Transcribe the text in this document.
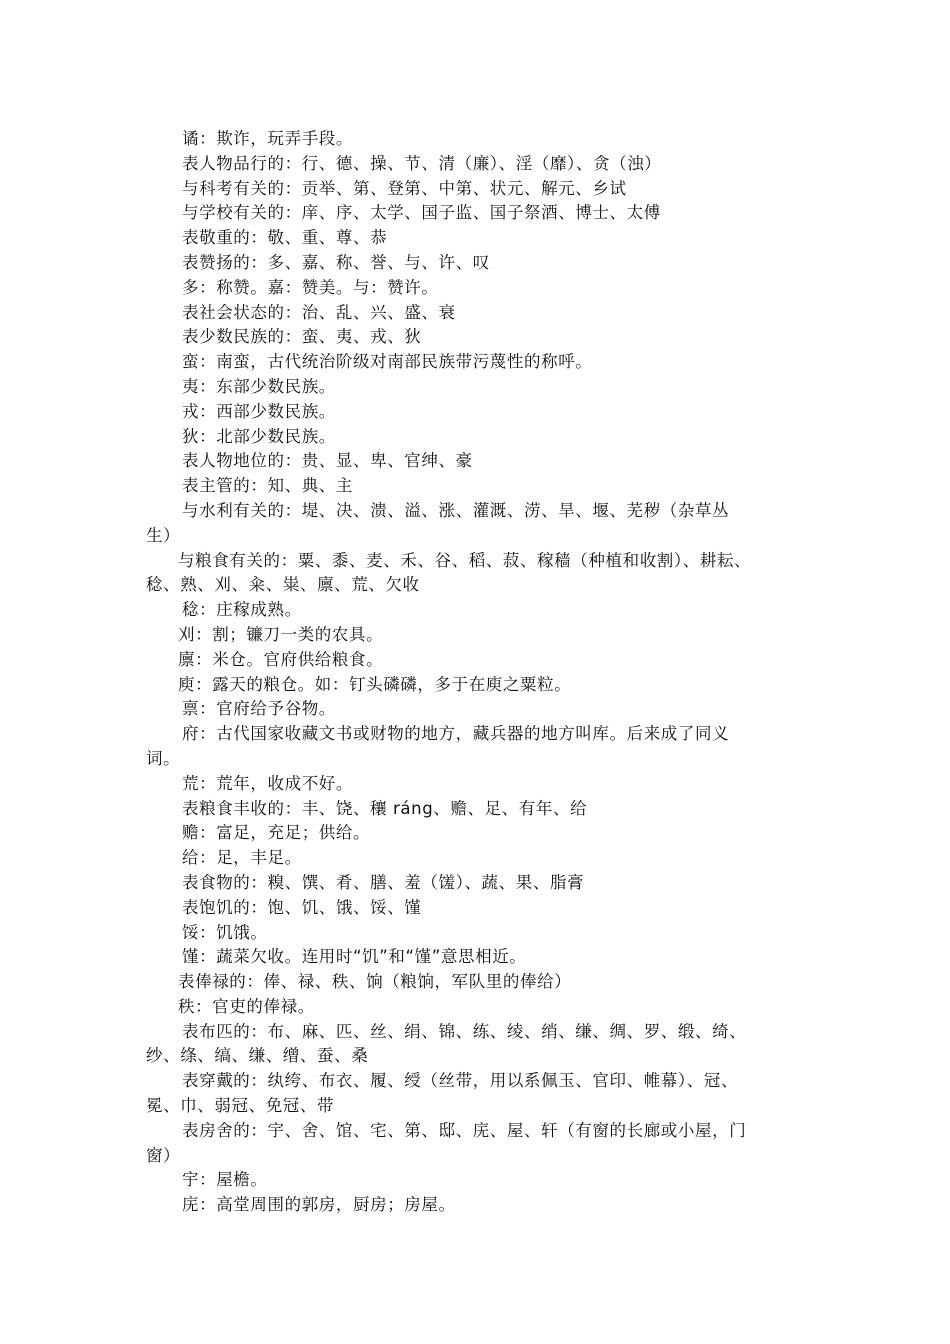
谲：欺诈，玩弄手段。
表人物品行的：行、德、操、节、清（廉）、淫（靡）、贪（浊）
与科考有关的：贡举、第、登第、中第、状元、解元、乡试
与学校有关的：庠、序、太学、国子监、国子祭酒、博士、太傅
表敬重的：敬、重、尊、恭
表赞扬的：多、嘉、称、誉、与、许、叹
多：称赞。嘉：赞美。与：赞许。
表社会状态的：治、乱、兴、盛、衰
表少数民族的：蛮、夷、戎、狄
蛮：南蛮，古代统治阶级对南部民族带污蔑性的称呼。
夷：东部少数民族。
戎：西部少数民族。
狄：北部少数民族。
表人物地位的：贵、显、卑、官绅、豪
表主管的：知、典、主
与水利有关的：堤、决、溃、溢、涨、灌溉、涝、旱、堰、芜秽（杂草丛
生）
与粮食有关的：粟、黍、麦、禾、谷、稻、菽、稼穑（种植和收割）、耕耘、
稔、熟、刈、籴、粜、廪、荒、欠收
稔：庄稼成熟。
刈：割；镰刀一类的农具。
廪：米仓。官府供给粮食。
庾：露天的粮仓。如：钉头磷磷，多于在庾之粟粒。
禀：官府给予谷物。
府：古代国家收藏文书或财物的地方，藏兵器的地方叫库。后来成了同义
词。
荒：荒年，收成不好。
表粮食丰收的：丰、饶、穰 ráng、赡、足、有年、给
赡：富足，充足；供给。
给：足，丰足。
表食物的：糗、馔、肴、膳、羞（馐）、蔬、果、脂膏
表饱饥的：饱、饥、饿、馁、馑
馁：饥饿。
馑：蔬菜欠收。连用时“饥”和“馑”意思相近。
表俸禄的：俸、禄、秩、饷（粮饷，军队里的俸给）
秩：官吏的俸禄。
表布匹的：布、麻、匹、丝、绢、锦、练、绫、绡、缣、绸、罗、缎、绮、
纱、绦、缟、缣、缯、蚕、桑
表穿戴的：纨绔、布衣、履、绶（丝带，用以系佩玉、官印、帷幕）、冠、
冕、巾、弱冠、免冠、带
表房舍的：宇、舍、馆、宅、第、邸、庑、屋、轩（有窗的长廊或小屋，门
窗）
宇：屋檐。
庑：高堂周围的郭房，厨房；房屋。
